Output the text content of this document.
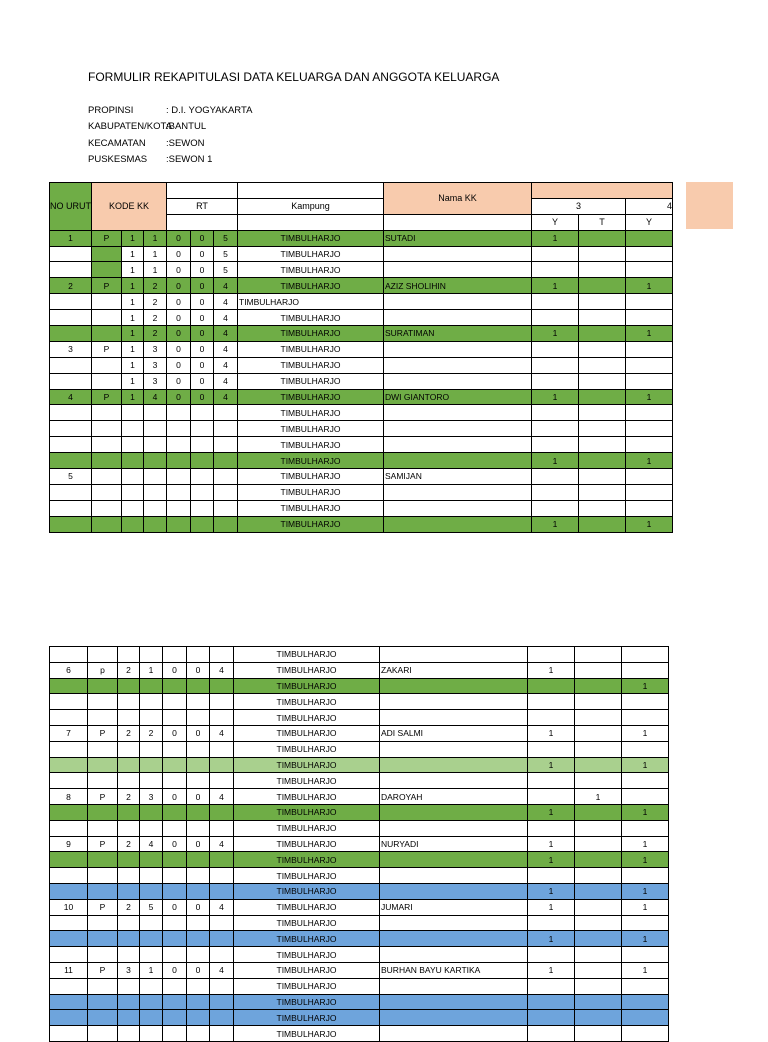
FORMULIR REKAPITULASI DATA KELUARGA DAN ANGGOTA KELUARGA
PROPINSI	: D.I. YOGYAKARTA
KABUPATEN/KOTA
:BANTUL
KECAMATAN	:SEWON
PUSKESMAS	:SEWON 1
NO URUT	KODE KK							Nama KK			
				RT			Kampung		3		4
									Y	T	Y
1	P	1	1	0	0	5	TIMBULHARJO	SUTADI	1		
		1	1	0	0	5	TIMBULHARJO				
		1	1	0	0	5	TIMBULHARJO				
2	P	1	2	0	0	4	TIMBULHARJO	AZIZ SHOLIHIN	1		1
		1	2	0	0	4	TIMBULHARJO				
		1	2	0	0	4	TIMBULHARJO				
		1	2	0	0	4	TIMBULHARJO	SURATIMAN	1		1
3	P	1	3	0	0	4	TIMBULHARJO				
		1	3	0	0	4	TIMBULHARJO				
		1	3	0	0	4	TIMBULHARJO				
4	P	1	4	0	0	4	TIMBULHARJO	DWI GIANTORO	1		1
							TIMBULHARJO				
							TIMBULHARJO				
							TIMBULHARJO				
							TIMBULHARJO		1		1
5							TIMBULHARJO	SAMIJAN			
							TIMBULHARJO				
							TIMBULHARJO				
							TIMBULHARJO		1		1
							TIMBULHARJO				
6	p	2	1	0	0	4	TIMBULHARJO	ZAKARI	1		
							TIMBULHARJO				1
							TIMBULHARJO				
							TIMBULHARJO				
7	P	2	2	0	0	4	TIMBULHARJO	ADI SALMI	1		1
							TIMBULHARJO				
							TIMBULHARJO		1		1
							TIMBULHARJO				
8	P	2	3	0	0	4	TIMBULHARJO	DAROYAH		1	
							TIMBULHARJO		1		1
							TIMBULHARJO				
9	P	2	4	0	0	4	TIMBULHARJO	NURYADI	1		1
							TIMBULHARJO		1		1
							TIMBULHARJO				
							TIMBULHARJO		1		1
10	P	2	5	0	0	4	TIMBULHARJO	JUMARI	1		1
							TIMBULHARJO				
							TIMBULHARJO		1		1
							TIMBULHARJO				
11	P	3	1	0	0	4	TIMBULHARJO	BURHAN BAYU KARTIKA	1		1
							TIMBULHARJO				
							TIMBULHARJO				
							TIMBULHARJO				
							TIMBULHARJO				
